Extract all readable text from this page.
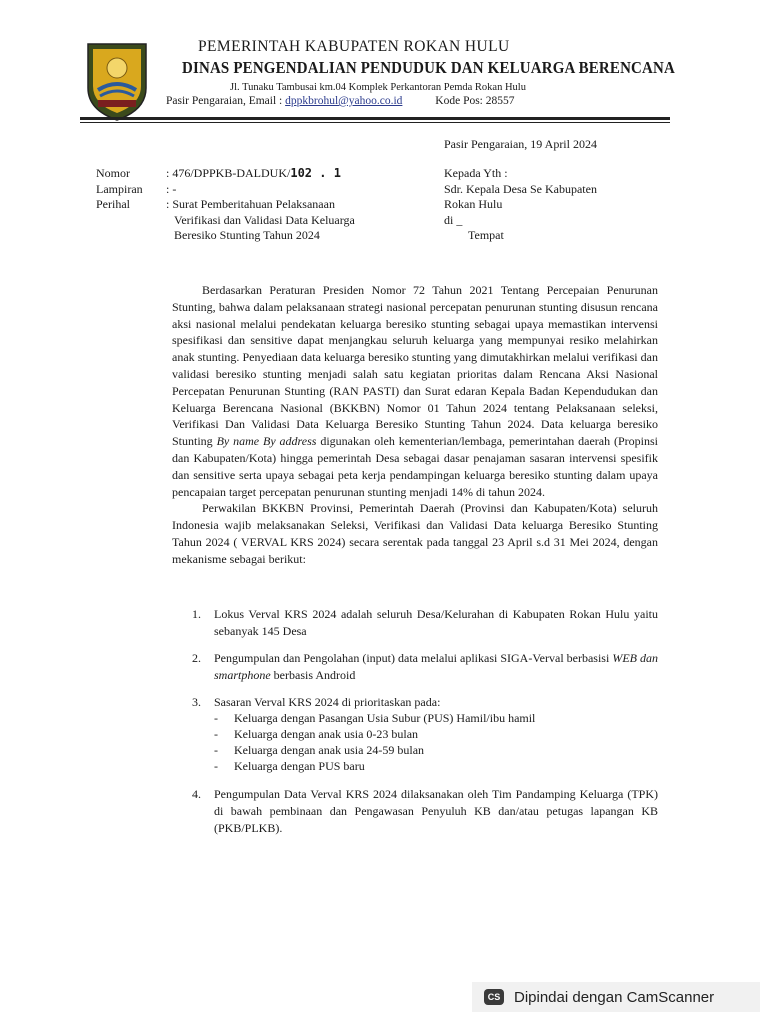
PEMERINTAH KABUPATEN ROKAN HULU
DINAS PENGENDALIAN PENDUDUK DAN KELUARGA BERENCANA
Jl. Tunaku Tambusai km.04 Komplek Perkantoran Pemda Rokan Hulu
Pasir Pengaraian, Email : dppkbrohul@yahoo.co.id	Kode Pos: 28557
Pasir Pengaraian, 19 April 2024
Nomor	: 476/DPPKB-DALDUK/102 . 1
Lampiran	: -
Perihal	: Surat Pemberitahuan Pelaksanaan
Verifikasi dan Validasi Data Keluarga
Beresiko Stunting Tahun 2024
Kepada Yth :
Sdr. Kepala Desa Se Kabupaten
Rokan Hulu
di _
Tempat

Berdasarkan Peraturan Presiden Nomor 72 Tahun 2021 Tentang Percepaian Penurunan Stunting, bahwa dalam pelaksanaan strategi nasional percepatan penurunan stunting disusun rencana aksi nasional melalui pendekatan keluarga beresiko stunting sebagai upaya memastikan intervensi spesifikasi dan sensitive dapat menjangkau seluruh keluarga yang mempunyai resiko melahirkan anak stunting. Penyediaan data keluarga beresiko stunting yang dimutakhirkan melalui verifikasi dan validasi beresiko stunting menjadi salah satu kegiatan prioritas dalam Rencana Aksi Nasional Percepatan Penurunan Stunting (RAN PASTI) dan Surat edaran Kepala Badan Kependudukan dan Keluarga Berencana Nasional (BKKBN) Nomor 01 Tahun 2024 tentang Pelaksanaan seleksi, Verifikasi Dan Validasi Data Keluarga Beresiko Stunting Tahun 2024. Data keluarga beresiko Stunting By name By address digunakan oleh kementerian/lembaga, pemerintahan daerah (Propinsi dan Kabupaten/Kota) hingga pemerintah Desa sebagai dasar penajaman sasaran intervensi spesifik dan sensitive serta upaya sebagai peta kerja pendampingan keluarga beresiko stunting dalam upaya pencapaian target percepatan penurunan stunting menjadi 14% di tahun 2024.

Perwakilan BKKBN Provinsi, Pemerintah Daerah (Provinsi dan Kabupaten/Kota) seluruh Indonesia wajib melaksanakan Seleksi, Verifikasi dan Validasi Data keluarga Beresiko Stunting Tahun 2024 ( VERVAL KRS 2024) secara serentak pada tanggal 23 April s.d 31 Mei 2024, dengan mekanisme sebagai berikut:

1. Lokus Verval KRS 2024 adalah seluruh Desa/Kelurahan di Kabupaten Rokan Hulu yaitu sebanyak 145 Desa
2. Pengumpulan dan Pengolahan (input) data melalui aplikasi SIGA-Verval berbasisi WEB dan smartphone berbasis Android
3. Sasaran Verval KRS 2024 di prioritaskan pada:
- Keluarga dengan Pasangan Usia Subur (PUS) Hamil/ibu hamil
- Keluarga dengan anak usia 0-23 bulan
- Keluarga dengan anak usia 24-59 bulan
- Keluarga dengan PUS baru
4. Pengumpulan Data Verval KRS 2024 dilaksanakan oleh Tim Pandamping Keluarga (TPK) di bawah pembinaan dan Pengawasan Penyuluh KB dan/atau petugas lapangan KB (PKB/PLKB).
CS Dipindai dengan CamScanner
